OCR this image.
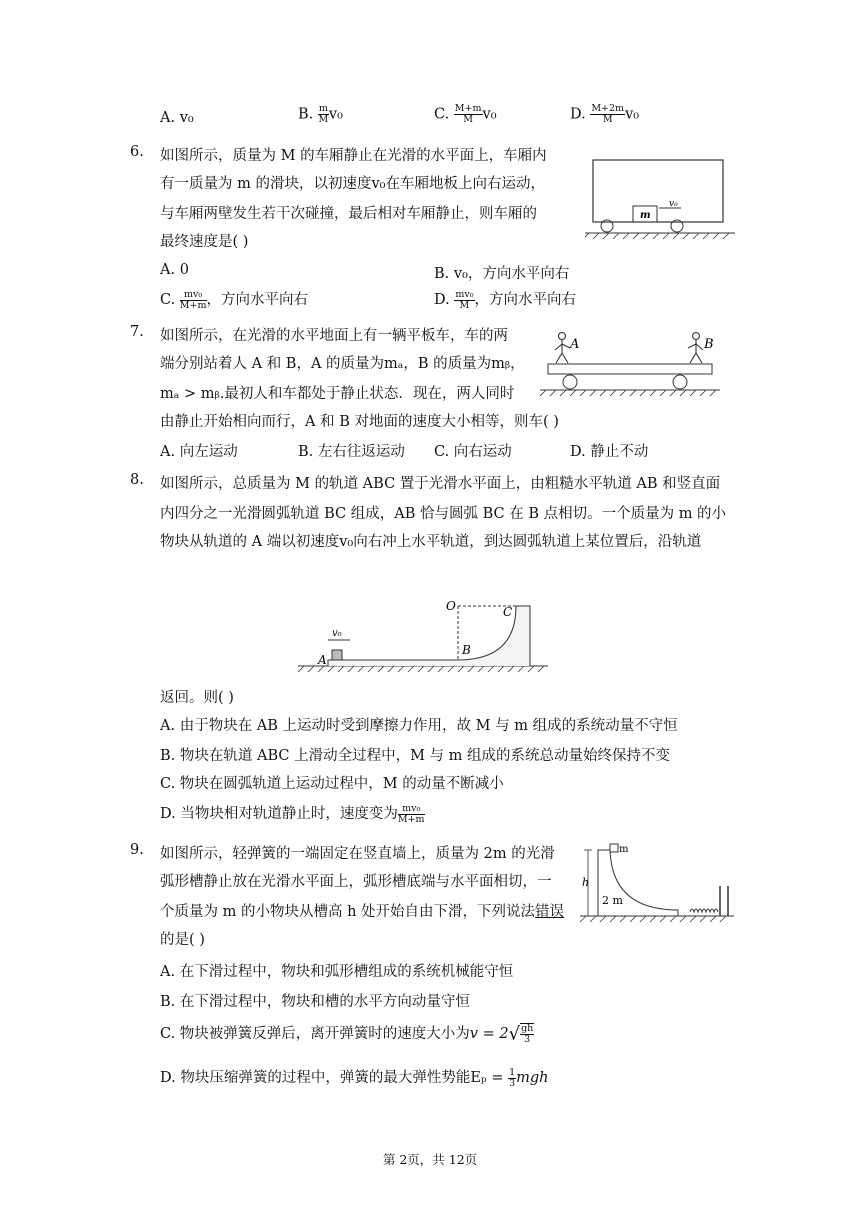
A. v₀	B. $\frac{m}{M} v_0$	C. $\frac{M+m}{M} v_0$	D. $\frac{M+2m}{M} v_0$
6. 如图所示，质量为 M 的车厢静止在光滑的水平面上，车厢内
有一质量为 m 的滑块，以初速度v₀在车厢地板上向右运动，
与车厢两壁发生若干次碰撞，最后相对车厢静止，则车厢的
最终速度是( )
A. 0	B. v₀，方向水平向右
C. $\frac{\text{mv₀}}{M+m}$ ，方向水平向右	D. $\frac{\text{mv₀}}{M}$ ，方向水平向右
m
v₀
7. 如图所示，在光滑的水平地面上有一辆平板车，车的两
端分别站着人 A 和 B，A 的质量为mₐ，B 的质量为mᵦ，
mₐ > mᵦ.最初人和车都处于静止状态．现在，两人同时
由静止开始相向而行，A 和 B 对地面的速度大小相等，则车( )
A. 向左运动	B. 左右往返运动 C. 向右运动	D. 静止不动
A	B
8. 如图所示，总质量为 M 的轨道 ABC 置于光滑水平面上，由粗糙水平轨道 AB 和竖直面
内四分之一光滑圆弧轨道 BC 组成，AB 恰与圆弧 BC 在 B 点相切。一个质量为 m 的小
物块从轨道的 A 端以初速度v₀向右冲上水平轨道，到达圆弧轨道上某位置后，沿轨道
v₀
A
B
O	C
返回。则( )
A. 由于物块在 AB 上运动时受到摩擦力作用，故 M 与 m 组成的系统动量不守恒
B. 物块在轨道 ABC 上滑动全过程中，M 与 m 组成的系统总动量始终保持不变
C. 物块在圆弧轨道上运动过程中，M 的动量不断减小
D. 当物块相对轨道静止时，速度变为 $\frac{\text{mv₀}}{M+m}$
9. 如图所示，轻弹簧的一端固定在竖直墙上，质量为 2m 的光滑
弧形槽静止放在光滑水平面上，弧形槽底端与水平面相切，一
个质量为 m 的小物块从槽高 h 处开始自由下滑，下列说法错误
的是( )
A. 在下滑过程中，物块和弧形槽组成的系统机械能守恒
B. 在下滑过程中，物块和槽的水平方向动量守恒
C. 物块被弹簧反弹后，离开弹簧时的速度大小为$v = 2√ \frac{gh}{3}$
D. 物块压缩弹簧的过程中，弹簧的最大弹性势能$E_p = \frac{1}{3}$ mgh
h
m
2 m
第 2页，共 12页
